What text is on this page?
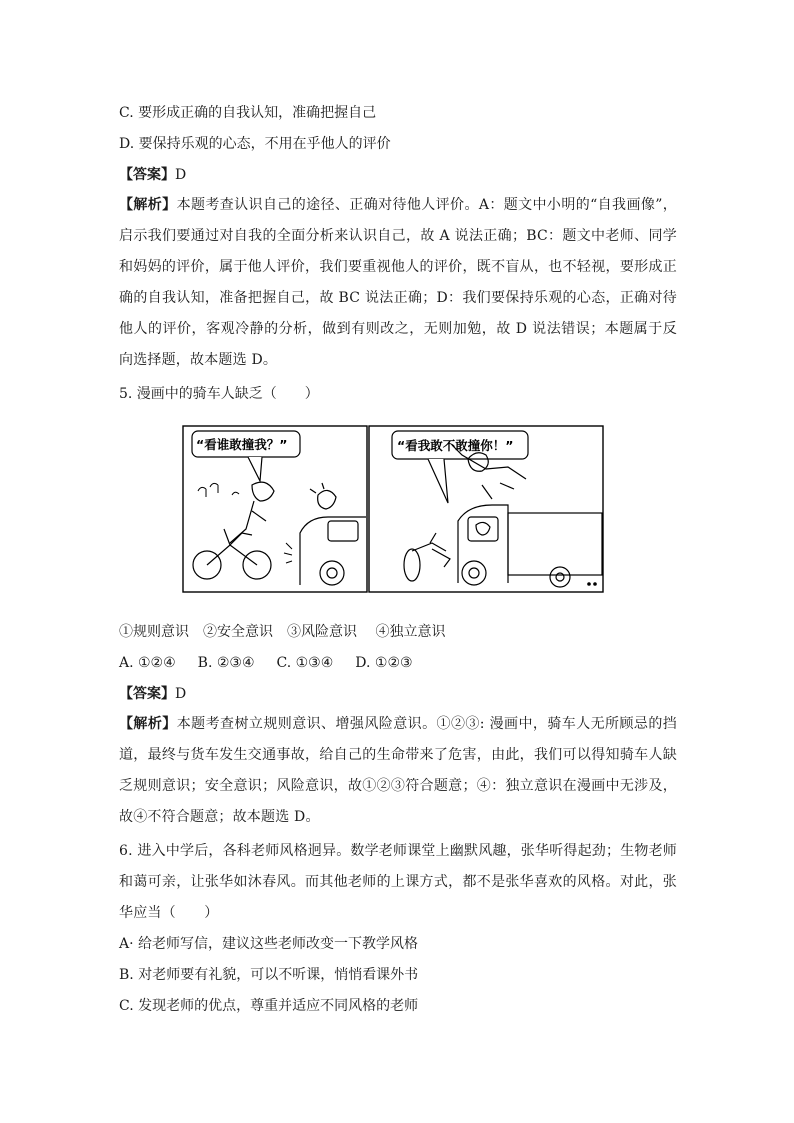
C. 要形成正确的自我认知，准确把握自己
D. 要保持乐观的心态，不用在乎他人的评价
【答案】D
【解析】本题考查认识自己的途径、正确对待他人评价。A：题文中小明的“自我画像”，启示我们要通过对自我的全面分析来认识自己，故 A 说法正确；BC：题文中老师、同学和妈妈的评价，属于他人评价，我们要重视他人的评价，既不盲从，也不轻视，要形成正确的自我认知，准备把握自己，故 BC 说法正确；D：我们要保持乐观的心态，正确对待他人的评价，客观冷静的分析，做到有则改之，无则加勉，故 D 说法错误；本题属于反向选择题，故本题选 D。
5. 漫画中的骑车人缺乏（　　）
“看谁敢撞我？”	“看我敢不敢撞你！”
①规则意识　②安全意识　③风险意识　 ④独立意识
A. ①②④ B. ②③④ C. ①③④ D. ①②③
【答案】D
【解析】本题考查树立规则意识、增强风险意识。①②③: 漫画中，骑车人无所顾忌的挡道，最终与货车发生交通事故，给自己的生命带来了危害，由此，我们可以得知骑车人缺乏规则意识；安全意识；风险意识，故①②③符合题意；④：独立意识在漫画中无涉及，故④不符合题意；故本题选 D。
6. 进入中学后，各科老师风格迥异。数学老师课堂上幽默风趣，张华听得起劲；生物老师和蔼可亲，让张华如沐春风。而其他老师的上课方式，都不是张华喜欢的风格。对此，张华应当（　　）
A· 给老师写信，建议这些老师改变一下教学风格
B. 对老师要有礼貌，可以不听课，悄悄看课外书
C. 发现老师的优点，尊重并适应不同风格的老师
